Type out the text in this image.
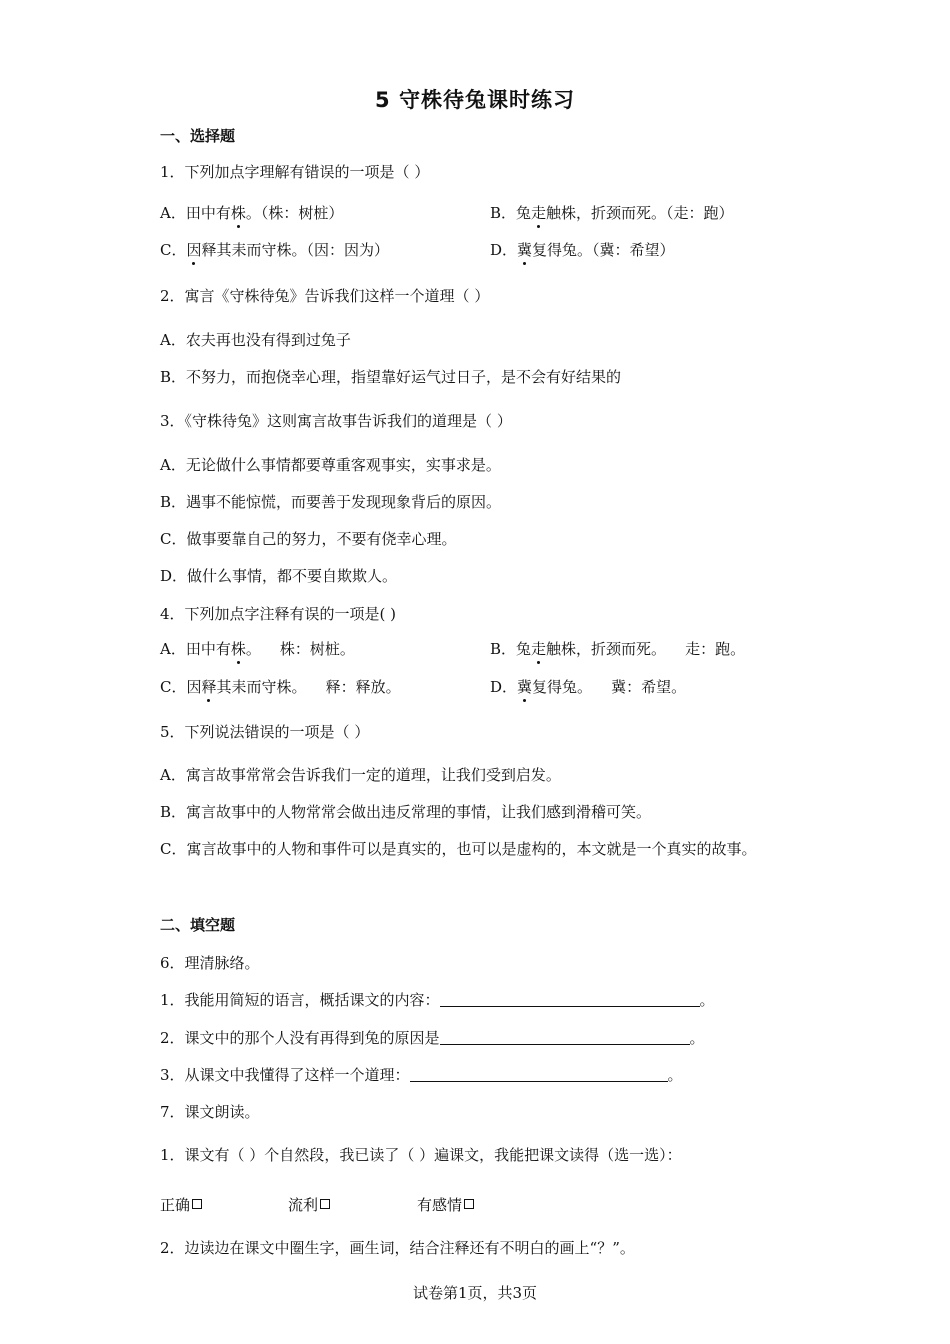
5 守株待兔课时练习
一、选择题
1．下列加点字理解有错误的一项是（ ）
A．田中有株。（株：树桩）	B．兔走触株，折颈而死。（走：跑）
C．因释其耒而守株。（因：因为）	D．冀复得兔。（冀：希望）
2．寓言《守株待兔》告诉我们这样一个道理（ ）
A．农夫再也没有得到过兔子
B．不努力，而抱侥幸心理，指望靠好运气过日子，是不会有好结果的
3．《守株待兔》这则寓言故事告诉我们的道理是（ ）
A．无论做什么事情都要尊重客观事实，实事求是。
B．遇事不能惊慌，而要善于发现现象背后的原因。
C．做事要靠自己的努力，不要有侥幸心理。
D．做什么事情，都不要自欺欺人。
4．下列加点字注释有误的一项是( )
A．田中有株。    株：树桩。	B．兔走触株，折颈而死。    走：跑。
C．因释其耒而守株。    释：释放。	D．冀复得兔。    冀：希望。
5．下列说法错误的一项是（ ）
A．寓言故事常常会告诉我们一定的道理，让我们受到启发。
B．寓言故事中的人物常常会做出违反常理的事情，让我们感到滑稽可笑。
C．寓言故事中的人物和事件可以是真实的，也可以是虚构的，本文就是一个真实的故事。
二、填空题
6．理清脉络。
1．我能用简短的语言，概括课文的内容：	。
2．课文中的那个人没有再得到兔的原因是	。
3．从课文中我懂得了这样一个道理：	。
7．课文朗读。
1．课文有（ ）个自然段，我已读了（ ）遍课文，我能把课文读得（选一选）：
正确	流利	有感情
2．边读边在课文中圈生字，画生词，结合注释还有不明白的画上“？”。
试卷第1页，共3页
